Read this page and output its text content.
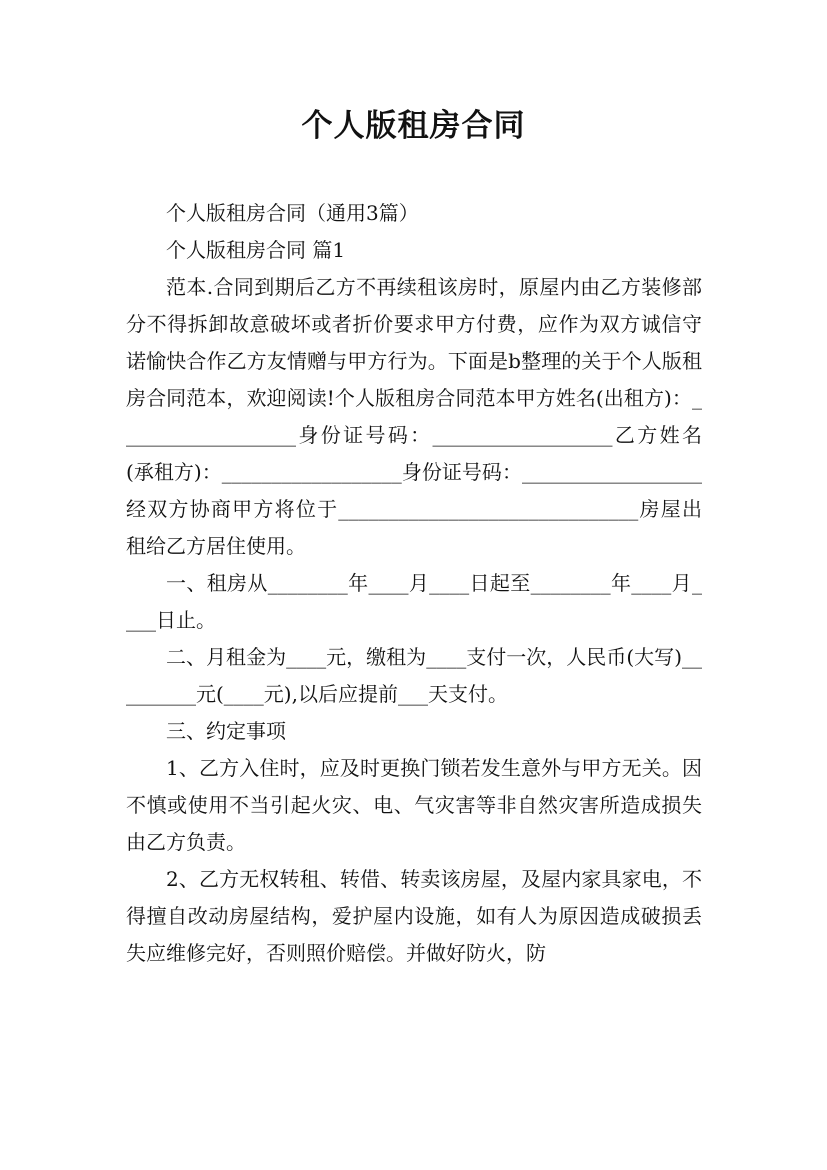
个人版租房合同

个人版租房合同（通用3篇）

个人版租房合同 篇1

范本.合同到期后乙方不再续租该房时，原屋内由乙方装修部分不得拆卸故意破坏或者折价要求甲方付费，应作为双方诚信守诺愉快合作乙方友情赠与甲方行为。下面是b整理的关于个人版租房合同范本，欢迎阅读!个人版租房合同范本甲方姓名(出租方)：__________________身份证号码：__________________乙方姓名(承租方)：__________________身份证号码：__________________经双方协商甲方将位于______________________________房屋出租给乙方居住使用。

一、租房从________年____月____日起至________年____月____日止。

二、月租金为____元，缴租为____支付一次，人民币(大写)_________元(____元),以后应提前___天支付。

三、约定事项

1、乙方入住时，应及时更换门锁若发生意外与甲方无关。因不慎或使用不当引起火灾、电、气灾害等非自然灾害所造成损失由乙方负责。

2、乙方无权转租、转借、转卖该房屋，及屋内家具家电，不得擅自改动房屋结构，爱护屋内设施，如有人为原因造成破损丢失应维修完好，否则照价赔偿。并做好防火，防
